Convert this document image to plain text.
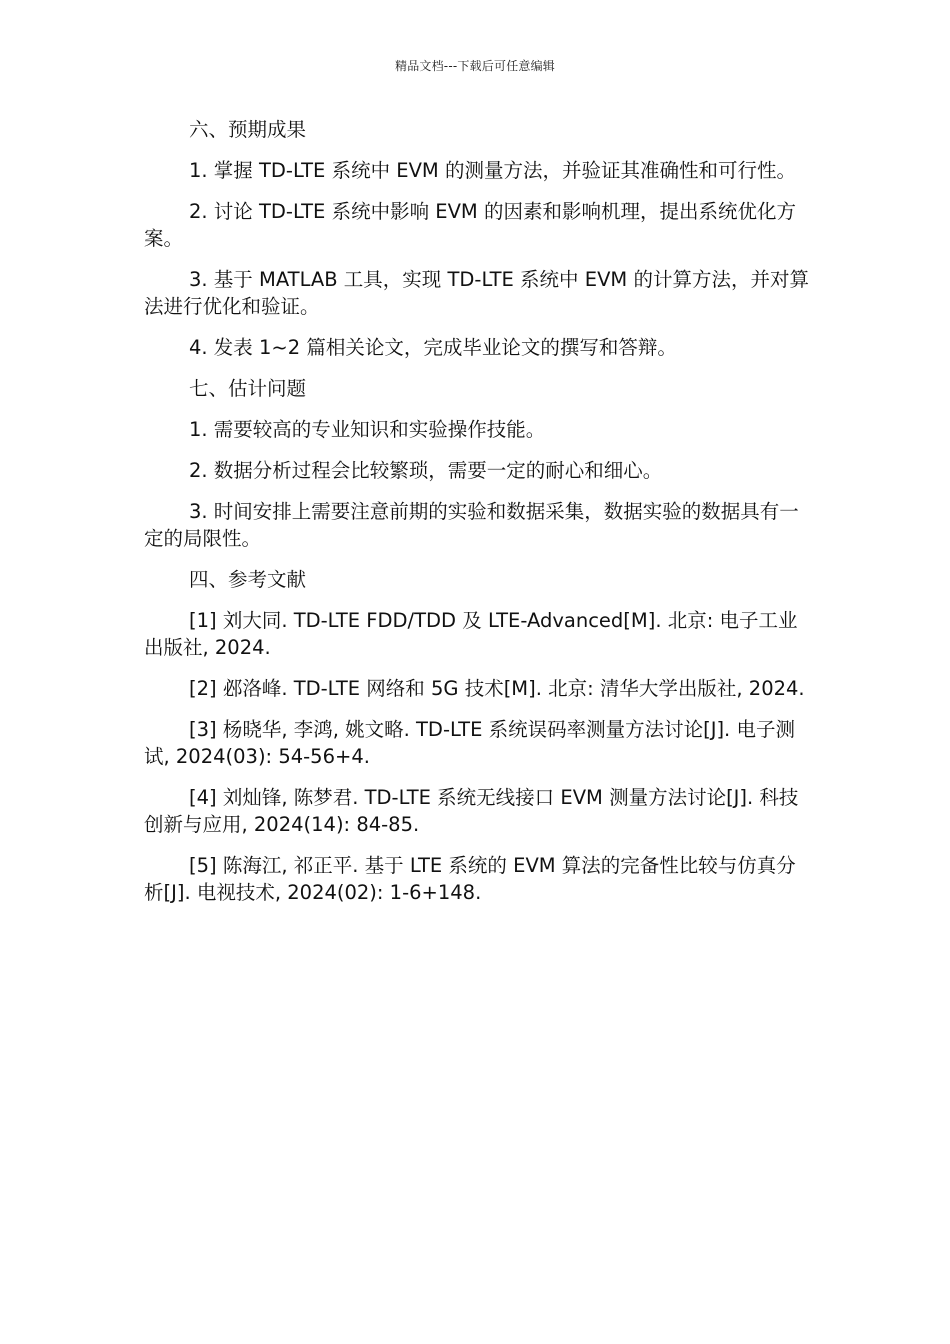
精品文档---下载后可任意编辑

六、预期成果

1. 掌握 TD-LTE 系统中 EVM 的测量方法，并验证其准确性和可行性。

2. 讨论 TD-LTE 系统中影响 EVM 的因素和影响机理，提出系统优化方案。

3. 基于 MATLAB 工具，实现 TD-LTE 系统中 EVM 的计算方法，并对算法进行优化和验证。

4. 发表 1~2 篇相关论文，完成毕业论文的撰写和答辩。

七、估计问题

1. 需要较高的专业知识和实验操作技能。

2. 数据分析过程会比较繁琐，需要一定的耐心和细心。

3. 时间安排上需要注意前期的实验和数据采集，数据实验的数据具有一定的局限性。

四、参考文献

[1] 刘大同. TD-LTE FDD/TDD 及 LTE-Advanced[M]. 北京: 电子工业出版社, 2024.

[2] 邲洛峰. TD-LTE 网络和 5G 技术[M]. 北京: 清华大学出版社, 2024.

[3] 杨晓华, 李鸿, 姚文略. TD-LTE 系统误码率测量方法讨论[J]. 电子测试, 2024(03): 54-56+4.

[4] 刘灿锋, 陈梦君. TD-LTE 系统无线接口 EVM 测量方法讨论[J]. 科技创新与应用, 2024(14): 84-85.

[5] 陈海江, 祁正平. 基于 LTE 系统的 EVM 算法的完备性比较与仿真分析[J]. 电视技术, 2024(02): 1-6+148.
